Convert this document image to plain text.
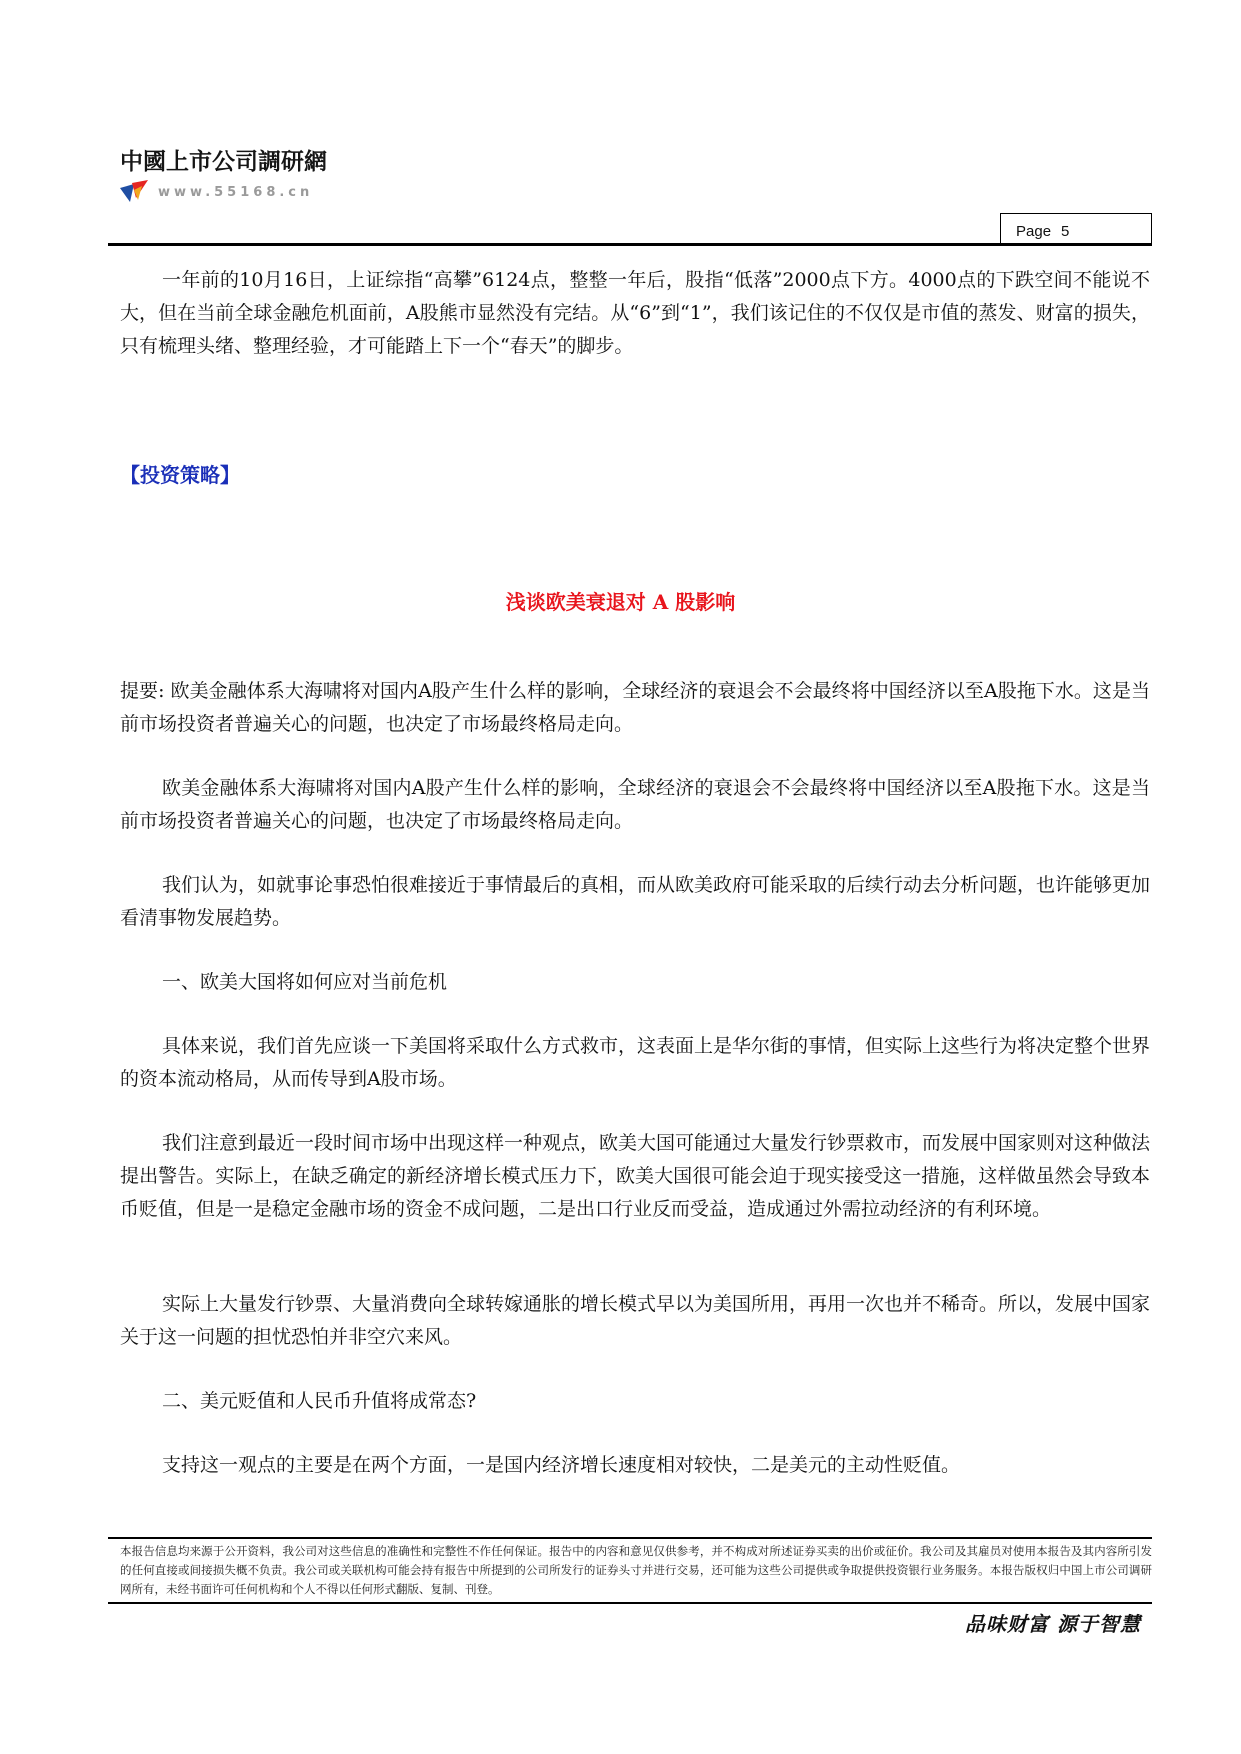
中國上市公司調研網
www.55168.cn
Page 5

一年前的10月16日，上证综指“高攀”6124点，整整一年后，股指“低落”2000点下方。4000点的下跌空间不能说不大，但在当前全球金融危机面前，A股熊市显然没有完结。从“6”到“1”，我们该记住的不仅仅是市值的蒸发、财富的损失，只有梳理头绪、整理经验，才可能踏上下一个“春天”的脚步。

【投资策略】
浅谈欧美衰退对 A 股影响

提要: 欧美金融体系大海啸将对国内A股产生什么样的影响，全球经济的衰退会不会最终将中国经济以至A股拖下水。这是当前市场投资者普遍关心的问题，也决定了市场最终格局走向。

欧美金融体系大海啸将对国内A股产生什么样的影响，全球经济的衰退会不会最终将中国经济以至A股拖下水。这是当前市场投资者普遍关心的问题，也决定了市场最终格局走向。

我们认为，如就事论事恐怕很难接近于事情最后的真相，而从欧美政府可能采取的后续行动去分析问题，也许能够更加看清事物发展趋势。

一、欧美大国将如何应对当前危机

具体来说，我们首先应谈一下美国将采取什么方式救市，这表面上是华尔街的事情，但实际上这些行为将决定整个世界的资本流动格局，从而传导到A股市场。

我们注意到最近一段时间市场中出现这样一种观点，欧美大国可能通过大量发行钞票救市，而发展中国家则对这种做法提出警告。实际上，在缺乏确定的新经济增长模式压力下，欧美大国很可能会迫于现实接受这一措施，这样做虽然会导致本币贬值，但是一是稳定金融市场的资金不成问题，二是出口行业反而受益，造成通过外需拉动经济的有利环境。

实际上大量发行钞票、大量消费向全球转嫁通胀的增长模式早以为美国所用，再用一次也并不稀奇。所以，发展中国家关于这一问题的担忧恐怕并非空穴来风。

二、美元贬值和人民币升值将成常态?

支持这一观点的主要是在两个方面，一是国内经济增长速度相对较快，二是美元的主动性贬值。

本报告信息均来源于公开资料，我公司对这些信息的准确性和完整性不作任何保证。报告中的内容和意见仅供参考，并不构成对所述证券买卖的出价或征价。我公司及其雇员对使用本报告及其内容所引发的任何直接或间接损失概不负责。我公司或关联机构可能会持有报告中所提到的公司所发行的证券头寸并进行交易，还可能为这些公司提供或争取提供投资银行业务服务。本报告版权归中国上市公司调研网所有，未经书面许可任何机构和个人不得以任何形式翻版、复制、刊登。

品味财富 源于智慧
